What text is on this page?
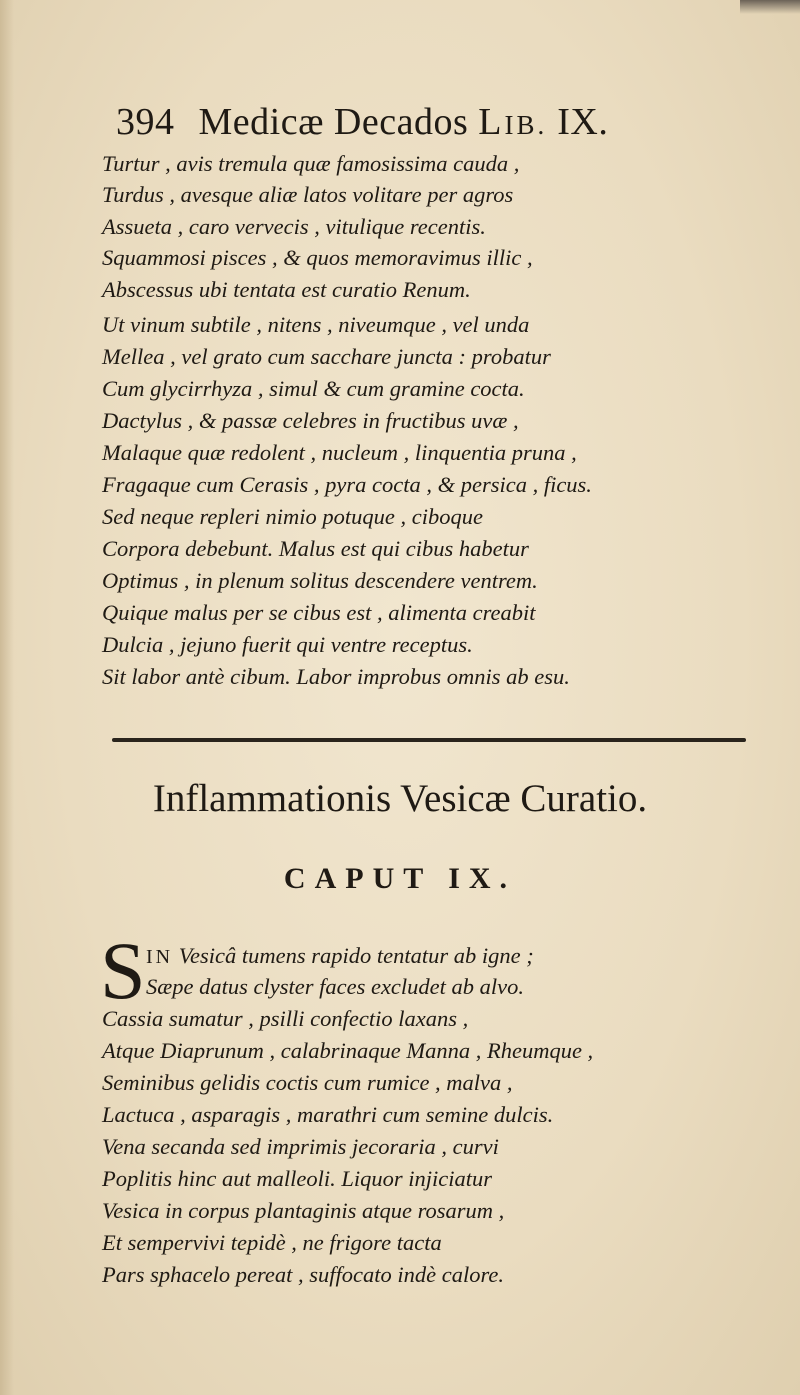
394 Medicæ Decados LIB. IX.
Turtur , avis tremula quæ famosissima cauda ,
Turdus , avesque aliæ latos volitare per agros
Assueta , caro vervecis , vitulique recentis.
Squammosi pisces , & quos memoravimus illic ,
Abscessus ubi tentata est curatio Renum.
Ut vinum subtile , nitens , niveumque , vel unda
Mellea , vel grato cum sacchare juncta : probatur
Cum glycirrhyza , simul & cum gramine cocta.
Dactylus , & passæ celebres in fructibus uvæ ,
Malaque quæ redolent , nucleum , linquentia pruna ,
Fragaque cum Cerasis , pyra cocta , & persica , ficus.
Sed neque repleri nimio potuque , ciboque
Corpora debebunt. Malus est qui cibus habetur
Optimus , in plenum solitus descendere ventrem.
Quique malus per se cibus est , alimenta creabit
Dulcia , jejuno fuerit qui ventre receptus.
Sit labor antè cibum. Labor improbus omnis ab esu.
Inflammationis Vesicæ Curatio.
CAPUT IX.
S IN Vesicâ tumens rapido tentatur ab igne ;
Sæpe datus clyster faces excludet ab alvo.
Cassia sumatur , psilli confectio laxans ,
Atque Diaprunum , calabrinaque Manna , Rheumque ,
Seminibus gelidis coctis cum rumice , malva ,
Lactuca , asparagis , marathri cum semine dulcis.
Vena secanda sed imprimis jecoraria , curvi
Poplitis hinc aut malleoli. Liquor injiciatur
Vesica in corpus plantaginis atque rosarum ,
Et sempervivi tepidè , ne frigore tacta
Pars sphacelo pereat , suffocato indè calore.
